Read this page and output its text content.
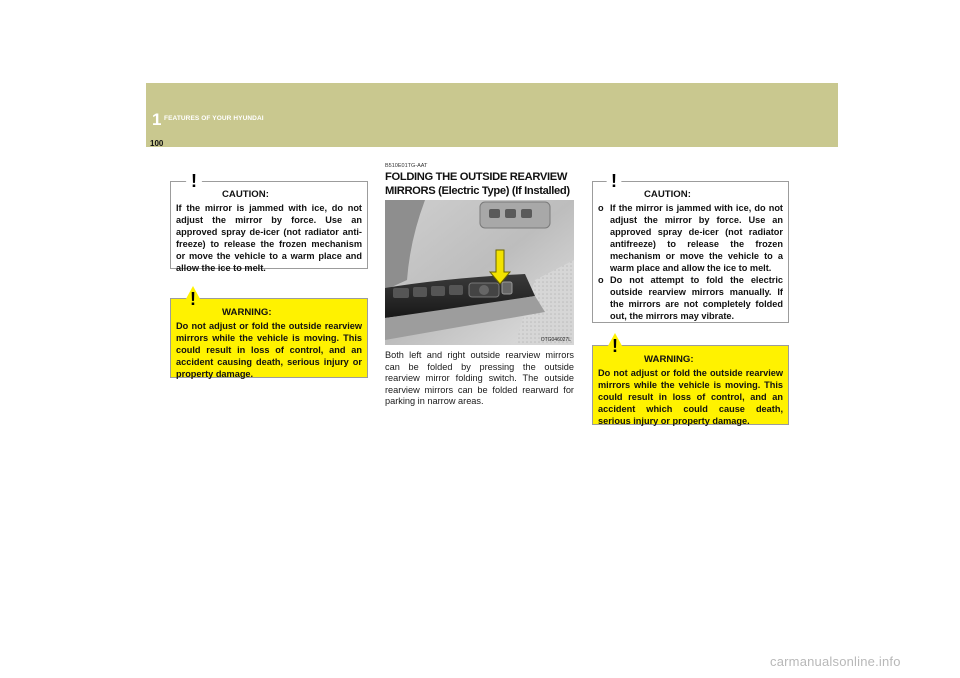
1 FEATURES OF YOUR HYUNDAI
100
CAUTION:
If the mirror is jammed with ice, do not adjust the mirror by force. Use an approved spray de-icer (not radiator anti-freeze) to release the frozen mechanism or move the vehicle to a warm place and allow the ice to melt.
!
WARNING:
Do not adjust or fold the outside rearview mirrors while the vehicle is moving. This could result in loss of control, and an accident causing death, serious injury or property damage.
!
B510E01TG-AAT
FOLDING THE OUTSIDE REARVIEW MIRRORS (Electric Type) (If Installed)
OTG046027L
Both left and right outside rearview mirrors can be folded by pressing the outside rearview mirror folding switch. The outside rearview mirrors can be folded rearward for parking in narrow areas.
CAUTION:
o If the mirror is jammed with ice, do not adjust the mirror by force. Use an approved spray de-icer (not radiator antifreeze) to release the frozen mechanism or move the vehicle to a warm place and allow the ice to melt.
o Do not attempt to fold the electric outside rearview mirrors manually. If the mirrors are not completely folded out, the mirrors may vibrate.
!
WARNING:
Do not adjust or fold the outside rearview mirrors while the vehicle is moving. This could result in loss of control, and an accident which could cause death, serious injury or property damage.
!
carmanualsonline.info
